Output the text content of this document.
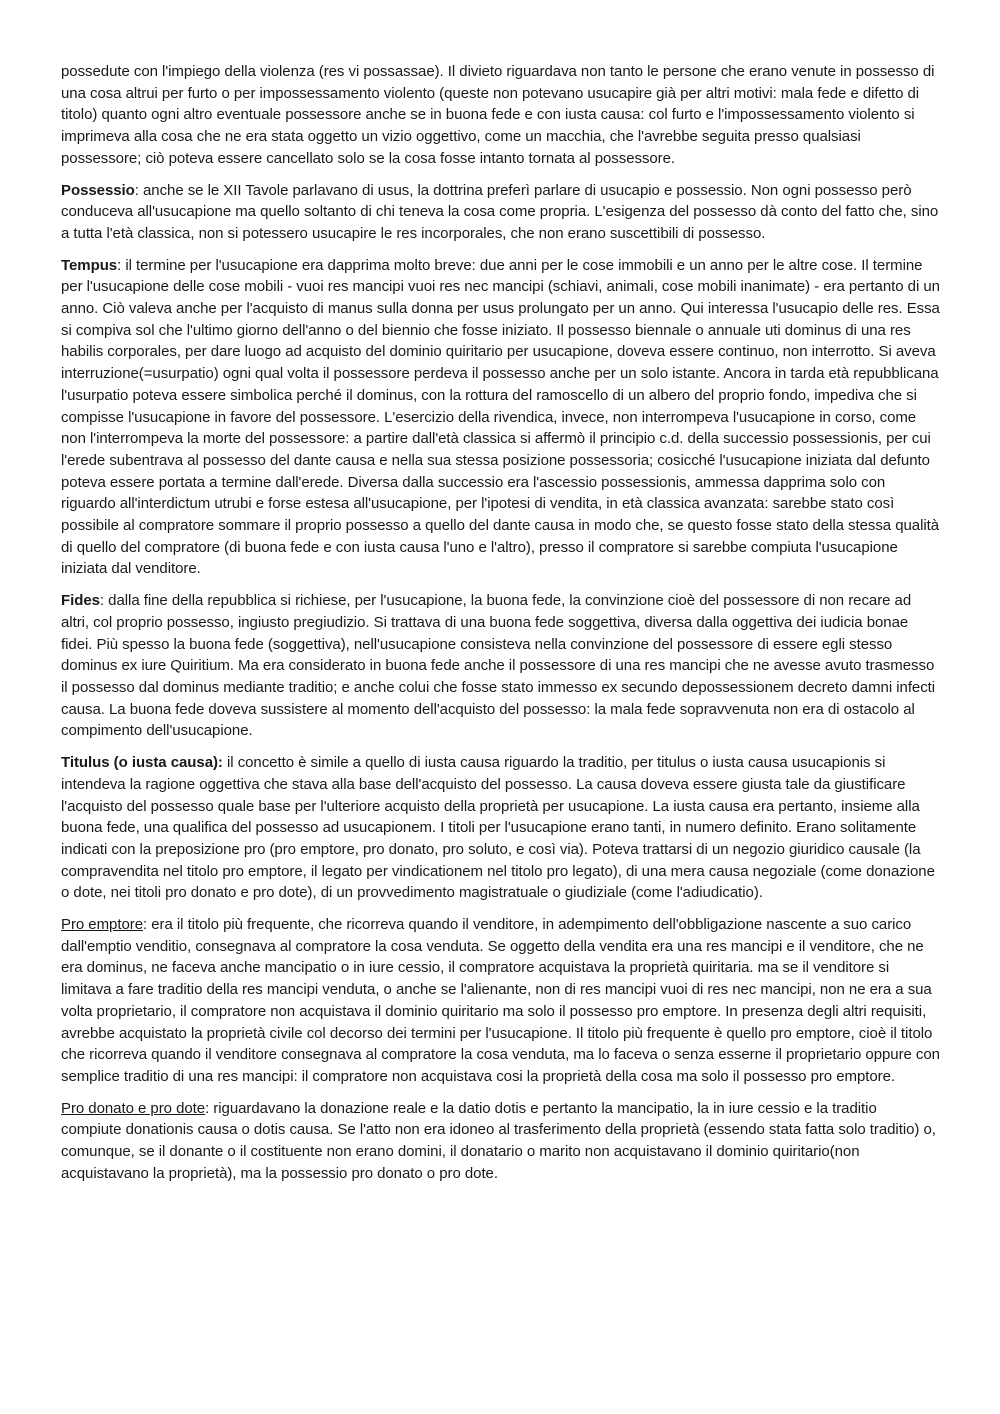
possedute con l'impiego della violenza (res vi possassae). Il divieto riguardava non tanto le persone che erano venute in possesso di una cosa altrui per furto o per impossessamento violento (queste non potevano usucapire già per altri motivi: mala fede e difetto di titolo) quanto ogni altro eventuale possessore anche se in buona fede e con iusta causa: col furto e l'impossessamento violento si imprimeva alla cosa che ne era stata oggetto un vizio oggettivo, come un macchia, che l'avrebbe seguita presso qualsiasi possessore; ciò poteva essere cancellato solo se la cosa fosse intanto tornata al possessore.

Possessio: anche se le XII Tavole parlavano di usus, la dottrina preferì parlare di usucapio e possessio. Non ogni possesso però conduceva all'usucapione ma quello soltanto di chi teneva la cosa come propria. L'esigenza del possesso dà conto del fatto che, sino a tutta l'età classica, non si potessero usucapire le res incorporales, che non erano suscettibili di possesso.

Tempus: il termine per l'usucapione era dapprima molto breve: due anni per le cose immobili e un anno per le altre cose. Il termine per l'usucapione delle cose mobili - vuoi res mancipi vuoi res nec mancipi (schiavi, animali, cose mobili inanimate) - era pertanto di un anno. Ciò valeva anche per l'acquisto di manus sulla donna per usus prolungato per un anno. Qui interessa l'usucapio delle res. Essa si compiva sol che l'ultimo giorno dell'anno o del biennio che fosse iniziato. Il possesso biennale o annuale uti dominus di una res habilis corporales, per dare luogo ad acquisto del dominio quiritario per usucapione, doveva essere continuo, non interrotto. Si aveva interruzione(=usurpatio) ogni qual volta il possessore perdeva il possesso anche per un solo istante. Ancora in tarda età repubblicana l'usurpatio poteva essere simbolica perché il dominus, con la rottura del ramoscello di un albero del proprio fondo, impediva che si compisse l'usucapione in favore del possessore. L'esercizio della rivendica, invece, non interrompeva l'usucapione in corso, come non l'interrompeva la morte del possessore: a partire dall'età classica si affermò il principio c.d. della successio possessionis, per cui l'erede subentrava al possesso del dante causa e nella sua stessa posizione possessoria; cosicché l'usucapione iniziata dal defunto poteva essere portata a termine dall'erede. Diversa dalla successio era l'ascessio possessionis, ammessa dapprima solo con riguardo all'interdictum utrubi e forse estesa all'usucapione, per l'ipotesi di vendita, in età classica avanzata: sarebbe stato così possibile al compratore sommare il proprio possesso a quello del dante causa in modo che, se questo fosse stato della stessa qualità di quello del compratore (di buona fede e con iusta causa l'uno e l'altro), presso il compratore si sarebbe compiuta l'usucapione iniziata dal venditore.

Fides: dalla fine della repubblica si richiese, per l'usucapione, la buona fede, la convinzione cioè del possessore di non recare ad altri, col proprio possesso, ingiusto pregiudizio. Si trattava di una buona fede soggettiva, diversa dalla oggettiva dei iudicia bonae fidei. Più spesso la buona fede (soggettiva), nell'usucapione consisteva nella convinzione del possessore di essere egli stesso dominus ex iure Quiritium. Ma era considerato in buona fede anche il possessore di una res mancipi che ne avesse avuto trasmesso il possesso dal dominus mediante traditio; e anche colui che fosse stato immesso ex secundo depossessionem decreto damni infecti causa. La buona fede doveva sussistere al momento dell'acquisto del possesso: la mala fede sopravvenuta non era di ostacolo al compimento dell'usucapione.

Titulus (o iusta causa): il concetto è simile a quello di iusta causa riguardo la traditio, per titulus o iusta causa usucapionis si intendeva la ragione oggettiva che stava alla base dell'acquisto del possesso. La causa doveva essere giusta tale da giustificare l'acquisto del possesso quale base per l'ulteriore acquisto della proprietà per usucapione. La iusta causa era pertanto, insieme alla buona fede, una qualifica del possesso ad usucapionem. I titoli per l'usucapione erano tanti, in numero definito. Erano solitamente indicati con la preposizione pro (pro emptore, pro donato, pro soluto, e così via). Poteva trattarsi di un negozio giuridico causale (la compravendita nel titolo pro emptore, il legato per vindicationem nel titolo pro legato), di una mera causa negoziale (come donazione o dote, nei titoli pro donato e pro dote), di un provvedimento magistratuale o giudiziale (come l'adiudicatio).

Pro emptore: era il titolo più frequente, che ricorreva quando il venditore, in adempimento dell'obbligazione nascente a suo carico dall'emptio venditio, consegnava al compratore la cosa venduta. Se oggetto della vendita era una res mancipi e il venditore, che ne era dominus, ne faceva anche mancipatio o in iure cessio, il compratore acquistava la proprietà quiritaria. ma se il venditore si limitava a fare traditio della res mancipi venduta, o anche se l'alienante, non di res mancipi vuoi di res nec mancipi, non ne era a sua volta proprietario, il compratore non acquistava il dominio quiritario ma solo il possesso pro emptore. In presenza degli altri requisiti, avrebbe acquistato la proprietà civile col decorso dei termini per l'usucapione. Il titolo più frequente è quello pro emptore, cioè il titolo che ricorreva quando il venditore consegnava al compratore la cosa venduta, ma lo faceva o senza esserne il proprietario oppure con semplice traditio di una res mancipi: il compratore non acquistava cosi la proprietà della cosa ma solo il possesso pro emptore.

Pro donato e pro dote: riguardavano la donazione reale e la datio dotis e pertanto la mancipatio, la in iure cessio e la traditio compiute donationis causa o dotis causa. Se l'atto non era idoneo al trasferimento della proprietà (essendo stata fatta solo traditio) o, comunque, se il donante o il costituente non erano domini, il donatario o marito non acquistavano il dominio quiritario(non acquistavano la proprietà), ma la possessio pro donato o pro dote.
